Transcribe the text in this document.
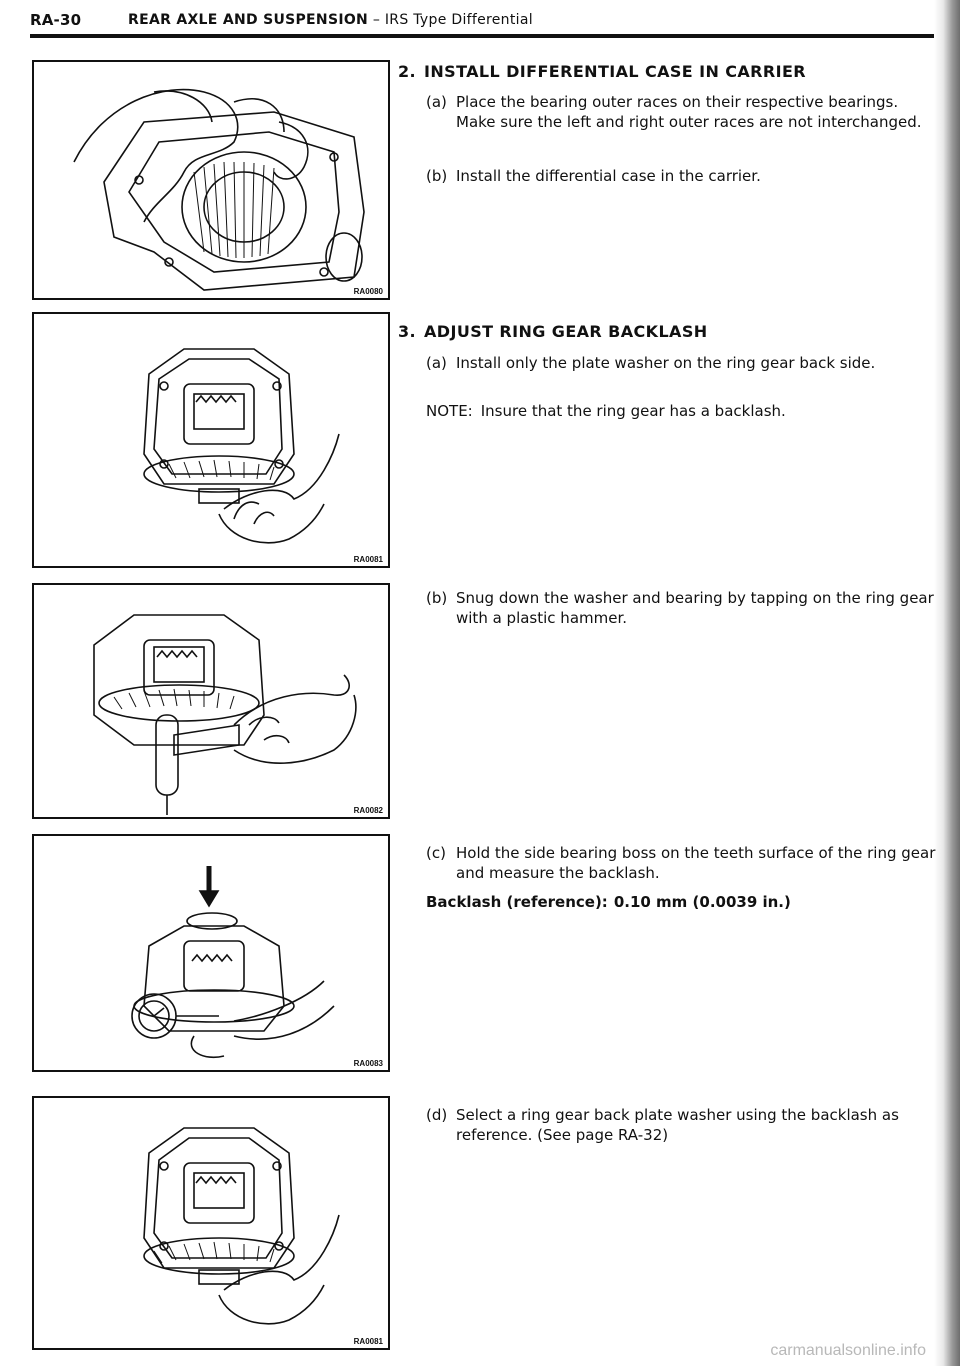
RA-30	REAR AXLE AND SUSPENSION – IRS Type Differential
RA0080
RA0081
RA0082
RA0083
RA0081
2. INSTALL DIFFERENTIAL CASE IN CARRIER
(a) Place the bearing outer races on their respective bearings. Make sure the left and right outer races are not interchanged.
(b) Install the differential case in the carrier.
3. ADJUST RING GEAR BACKLASH
(a) Install only the plate washer on the ring gear back side.
NOTE: Insure that the ring gear has a backlash.
(b) Snug down the washer and bearing by tapping on the ring gear with a plastic hammer.
(c) Hold the side bearing boss on the teeth surface of the ring gear and measure the backlash.
Backlash (reference): 0.10 mm (0.0039 in.)
(d) Select a ring gear back plate washer using the backlash as reference. (See page RA-32)
carmanualsonline.info
